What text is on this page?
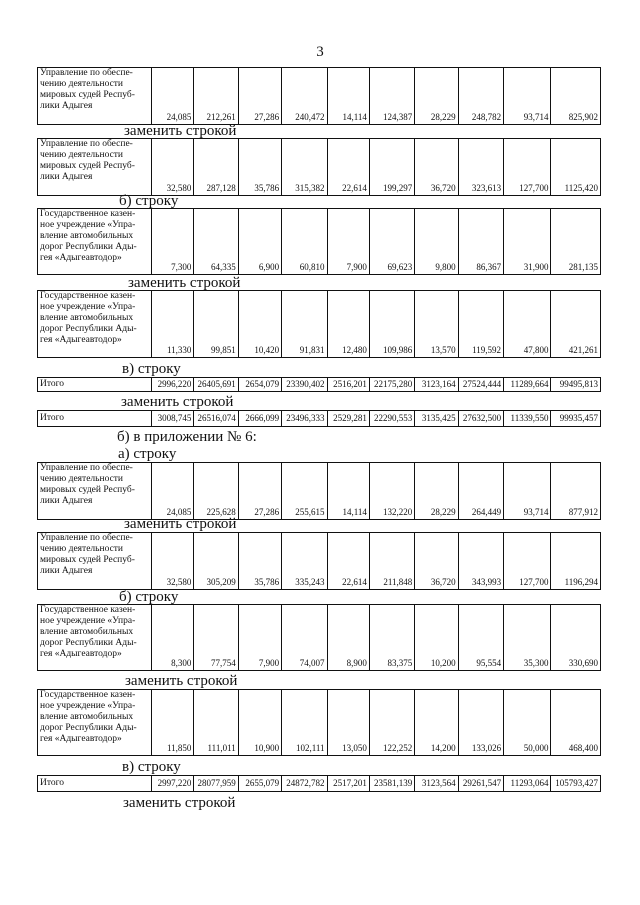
3
Управление по обеспе-
чению деятельности
мировых судей Респуб-
лики Адыгея
	24,085	212,261	27,286	240,472	14,114	124,387	28,229	248,782	93,714	825,902
заменить строкой
Управление по обеспе-
чению деятельности
мировых судей Респуб-
лики Адыгея
	32,580	287,128	35,786	315,382	22,614	199,297	36,720	323,613	127,700	1125,420
б) строку
Государственное казен-
ное учреждение «Упра-
вление автомобильных
дорог Республики Ады-
гея «Адыгеавтодор»
	7,300	64,335	6,900	60,810	7,900	69,623	9,800	86,367	31,900	281,135
заменить строкой
Государственное казен-
ное учреждение «Упра-
вление автомобильных
дорог Республики Ады-
гея «Адыгеавтодор»
	11,330	99,851	10,420	91,831	12,480	109,986	13,570	119,592	47,800	421,261
в) строку
Итого	2996,220	26405,691	2654,079	23390,402	2516,201	22175,280	3123,164	27524,444	11289,664	99495,813
заменить строкой
Итого	3008,745	26516,074	2666,099	23496,333	2529,281	22290,553	3135,425	27632,500	11339,550	99935,457
б) в приложении № 6:
а) строку
Управление по обеспе-
чению деятельности
мировых судей Респуб-
лики Адыгея
	24,085	225,628	27,286	255,615	14,114	132,220	28,229	264,449	93,714	877,912
заменить строкой
Управление по обеспе-
чению деятельности
мировых судей Респуб-
лики Адыгея
	32,580	305,209	35,786	335,243	22,614	211,848	36,720	343,993	127,700	1196,294
б) строку
Государственное казен-
ное учреждение «Упра-
вление автомобильных
дорог Республики Ады-
гея «Адыгеавтодор»
	8,300	77,754	7,900	74,007	8,900	83,375	10,200	95,554	35,300	330,690
заменить строкой
Государственное казен-
ное учреждение «Упра-
вление автомобильных
дорог Республики Ады-
гея «Адыгеавтодор»
	11,850	111,011	10,900	102,111	13,050	122,252	14,200	133,026	50,000	468,400
в) строку
Итого	2997,220	28077,959	2655,079	24872,782	2517,201	23581,139	3123,564	29261,547	11293,064	105793,427
заменить строкой
